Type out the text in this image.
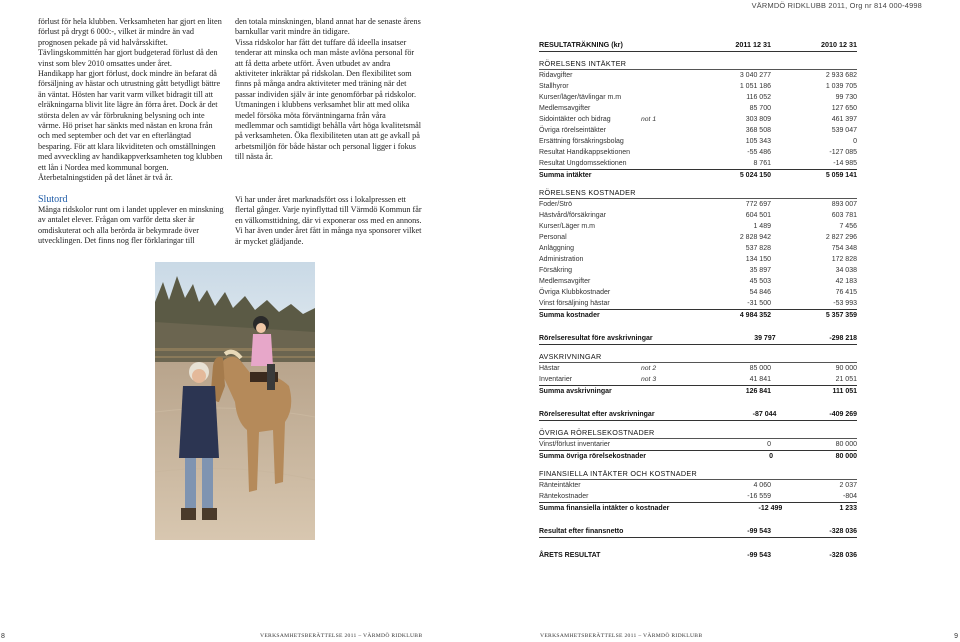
VÄRMDÖ RIDKLUBB 2011, Org nr 814 000-4998

förlust för hela klubben. Verksamheten har gjort en liten förlust på drygt 6 000:-, vilket är mindre än vad prognosen pekade på vid halvårsskiftet. Tävlingskommittén har gjort budgeterad förlust då den vinst som blev 2010 omsattes under året.
Handikapp har gjort förlust, dock mindre än befarat då försäljning av hästar och utrustning gått betydligt bättre än väntat. Hösten har varit varm vilket bidragit till att elräkningarna blivit lite lägre än förra året. Dock är det största delen av vår förbrukning belysning och inte värme. Hö priset har sänkts med nästan en krona från och med september och det var en efterlängtad besparing. För att klara likviditeten och omställningen med avveckling av handikappverksamheten tog klubben ett lån i Nordea med kommunal borgen. Återbetalningstiden på det lånet är två år.

Slutord

Många ridskolor runt om i landet upplever en minskning av antalet elever. Frågan om varför detta sker är omdiskuterat och alla berörda är bekymrade över utvecklingen. Det finns nog fler förklaringar till

den totala minskningen, bland annat har de senaste årens barnkullar varit mindre än tidigare.
Vissa ridskolor har fått det tuffare då ideella insatser tenderar att minska och man måste avlöna personal för att få detta arbete utfört. Även utbudet av andra aktiviteter inkräktar på ridskolan. Den flexibilitet som finns på många andra aktiviteter med träning när det passar individen själv är inte genomförbar på ridskolor. Utmaningen i klubbens verksamhet blir att med olika medel försöka möta förväntningarna från våra medlemmar och samtidigt behålla vårt höga kvalitetsmål på verksamheten. Öka flexibiliteten utan att ge avkall på arbetsmiljön för både hästar och personal ligger i fokus till nästa år.

Vi har under året marknadsfört oss i lokalpressen ett flertal gånger. Varje nyinflyttad till Värmdö Kommun får en välkomsttidning, där vi exponerar oss med en annons. Vi har även under året fått in många nya sponsorer vilket är mycket glädjande.

RESULTATRÄKNING (kr)	2011 12 31	2010 12 31
RÖRELSENS INTÄKTER
Ridavgifter	3 040 277	2 933 682
Stallhyror	1 051 186	1 039 705
Kurser/läger/tävlingar m.m	116 052	99 730
Medlemsavgifter	85 700	127 650
Sidointäkter och bidrag	not 1	303 809	461 397
Övriga rörelseintäkter	368 508	539 047
Ersättning försäkringsbolag	105 343	0
Resultat Handikappsektionen	-55 486	-127 085
Resultat Ungdomssektionen	8 761	-14 985
Summa intäkter	5 024 150	5 059 141
RÖRELSENS KOSTNADER
Foder/Strö	772 697	893 007
Hästvård/försäkringar	604 501	603 781
Kurser/Läger m.m	1 489	7 456
Personal	2 828 942	2 827 296
Anläggning	537 828	754 348
Administration	134 150	172 828
Försäkring	35 897	34 038
Medlemsavgifter	45 503	42 183
Övriga Klubbkostnader	54 846	76 415
Vinst försäljning hästar	-31 500	-53 993
Summa kostnader	4 984 352	5 357 359
Rörelseresultat före avskrivningar	39 797	-298 218
AVSKRIVNINGAR
Hästar	not 2	85 000	90 000
Inventarier	not 3	41 841	21 051
Summa avskrivningar	126 841	111 051
Rörelseresultat efter avskrivningar	-87 044	-409 269
ÖVRIGA RÖRELSEKOSTNADER
Vinst/förlust inventarier	0	80 000
Summa övriga rörelsekostnader	0	80 000
FINANSIELLA INTÄKTER OCH KOSTNADER
Ränteintäkter	4 060	2 037
Räntekostnader	-16 559	-804
Summa finansiella intäkter o kostnader	-12 499	1 233
Resultat efter finansnetto	-99 543	-328 036
ÅRETS RESULTAT	-99 543	-328 036
8	VERKSAMHETSBERÄTTELSE 2011 – VÄRMDÖ RIDKLUBB	VERKSAMHETSBERÄTTELSE 2011 – VÄRMDÖ RIDKLUBB	9
